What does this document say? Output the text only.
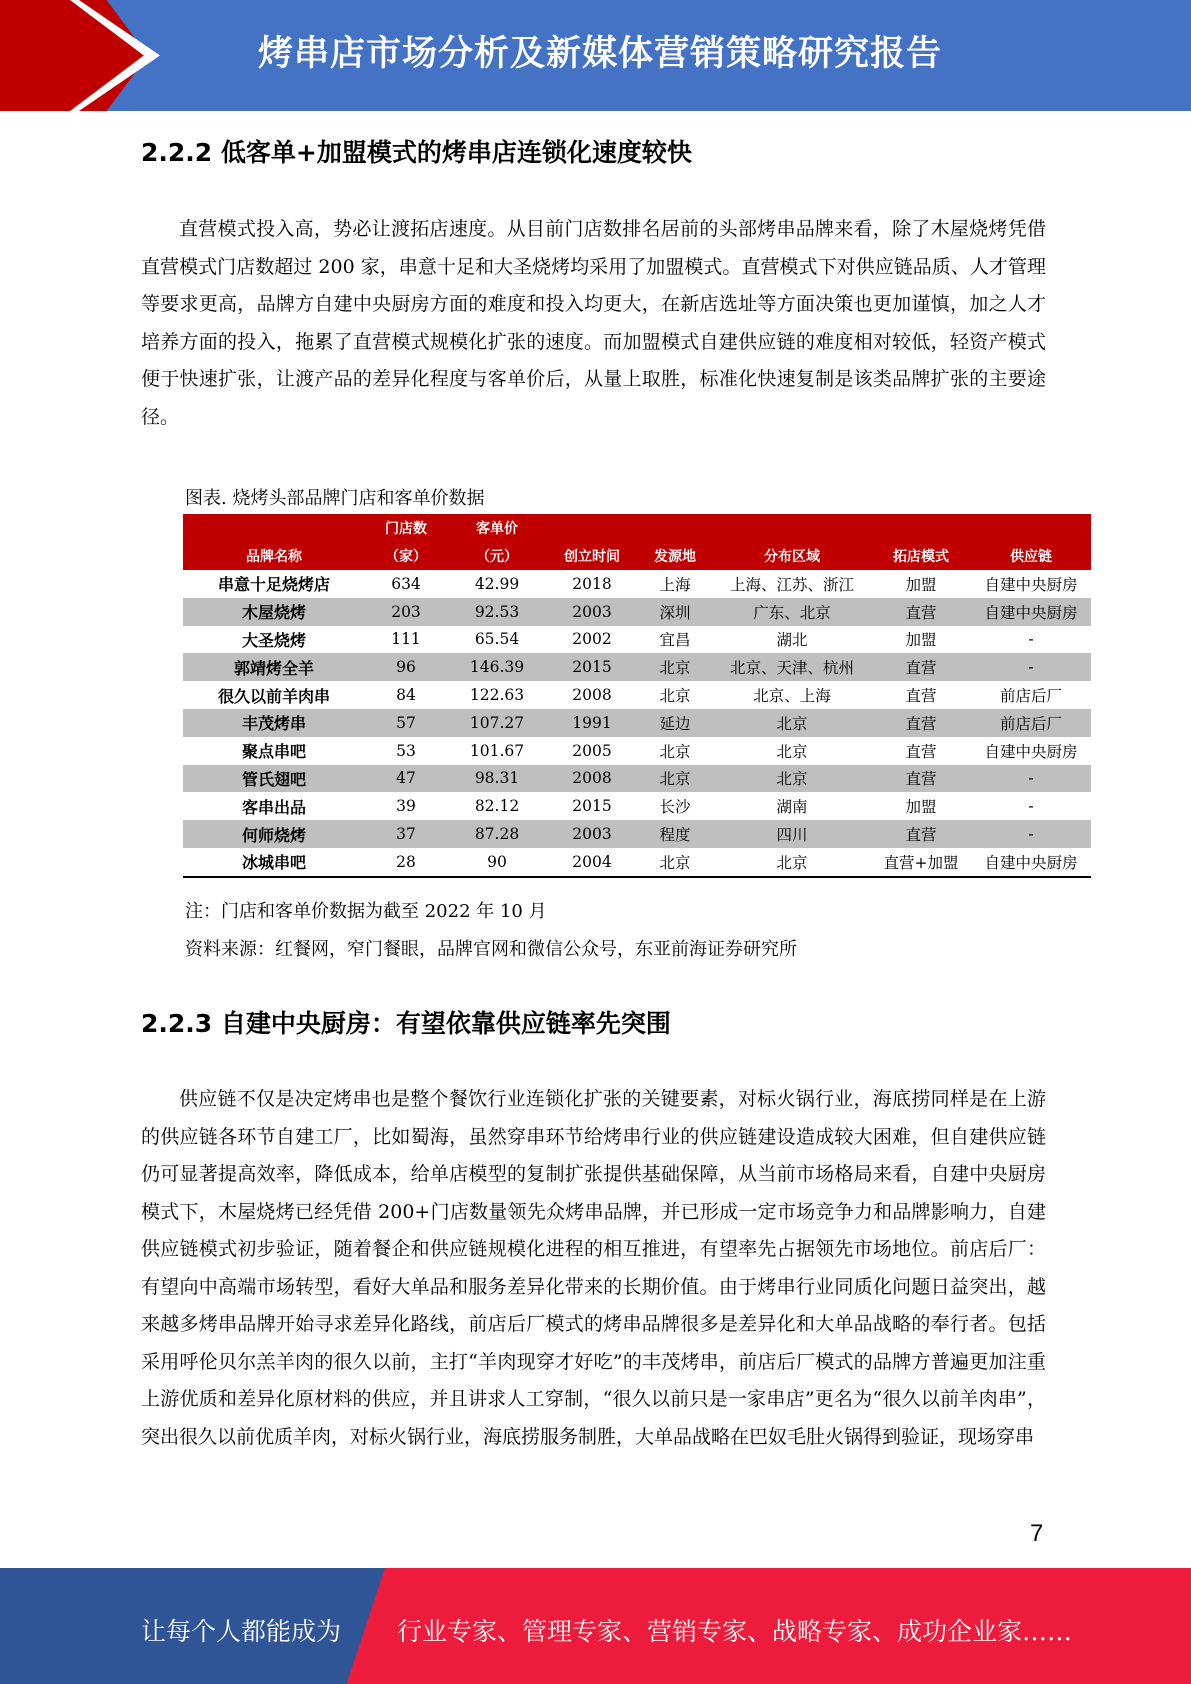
烤串店市场分析及新媒体营销策略研究报告
2.2.2 低客单+加盟模式的烤串店连锁化速度较快

直营模式投入高，势必让渡拓店速度。从目前门店数排名居前的头部烤串品牌来看，除了木屋烧烤凭借直营模式门店数超过 200 家，串意十足和大圣烧烤均采用了加盟模式。直营模式下对供应链品质、人才管理等要求更高，品牌方自建中央厨房方面的难度和投入均更大，在新店选址等方面决策也更加谨慎，加之人才培养方面的投入，拖累了直营模式规模化扩张的速度。而加盟模式自建供应链的难度相对较低，轻资产模式便于快速扩张，让渡产品的差异化程度与客单价后，从量上取胜，标准化快速复制是该类品牌扩张的主要途径。

图表. 烧烤头部品牌门店和客单价数据
	门店数	客单价					
品牌名称	（家）	（元）	创立时间	发源地	分布区域	拓店模式	供应链
串意十足烧烤店	634	42.99	2018	上海	上海、江苏、浙江	加盟	自建中央厨房
木屋烧烤	203	92.53	2003	深圳	广东、北京	直营	自建中央厨房
大圣烧烤	111	65.54	2002	宜昌	湖北	加盟	-
郭靖烤全羊	96	146.39	2015	北京	北京、天津、杭州	直营	-
很久以前羊肉串	84	122.63	2008	北京	北京、上海	直营	前店后厂
丰茂烤串	57	107.27	1991	延边	北京	直营	前店后厂
聚点串吧	53	101.67	2005	北京	北京	直营	自建中央厨房
管氏翅吧	47	98.31	2008	北京	北京	直营	-
客串出品	39	82.12	2015	长沙	湖南	加盟	-
何师烧烤	37	87.28	2003	程度	四川	直营	-
冰城串吧	28	90	2004	北京	北京	直营+加盟	自建中央厨房
注：门店和客单价数据为截至 2022 年 10 月
资料来源：红餐网，窄门餐眼，品牌官网和微信公众号，东亚前海证券研究所
2.2.3 自建中央厨房：有望依靠供应链率先突围

供应链不仅是决定烤串也是整个餐饮行业连锁化扩张的关键要素，对标火锅行业，海底捞同样是在上游的供应链各环节自建工厂，比如蜀海，虽然穿串环节给烤串行业的供应链建设造成较大困难，但自建供应链仍可显著提高效率，降低成本，给单店模型的复制扩张提供基础保障，从当前市场格局来看，自建中央厨房模式下，木屋烧烤已经凭借 200+门店数量领先众烤串品牌，并已形成一定市场竞争力和品牌影响力，自建供应链模式初步验证，随着餐企和供应链规模化进程的相互推进，有望率先占据领先市场地位。前店后厂：有望向中高端市场转型，看好大单品和服务差异化带来的长期价值。由于烤串行业同质化问题日益突出，越来越多烤串品牌开始寻求差异化路线，前店后厂模式的烤串品牌很多是差异化和大单品战略的奉行者。包括采用呼伦贝尔羔羊肉的很久以前，主打“羊肉现穿才好吃”的丰茂烤串，前店后厂模式的品牌方普遍更加注重上游优质和差异化原材料的供应，并且讲求人工穿制，“很久以前只是一家串店”更名为“很久以前羊肉串”，突出很久以前优质羊肉，对标火锅行业，海底捞服务制胜，大单品战略在巴奴毛肚火锅得到验证，现场穿串

7
让每个人都能成为 行业专家、管理专家、营销专家、战略专家、成功企业家……
